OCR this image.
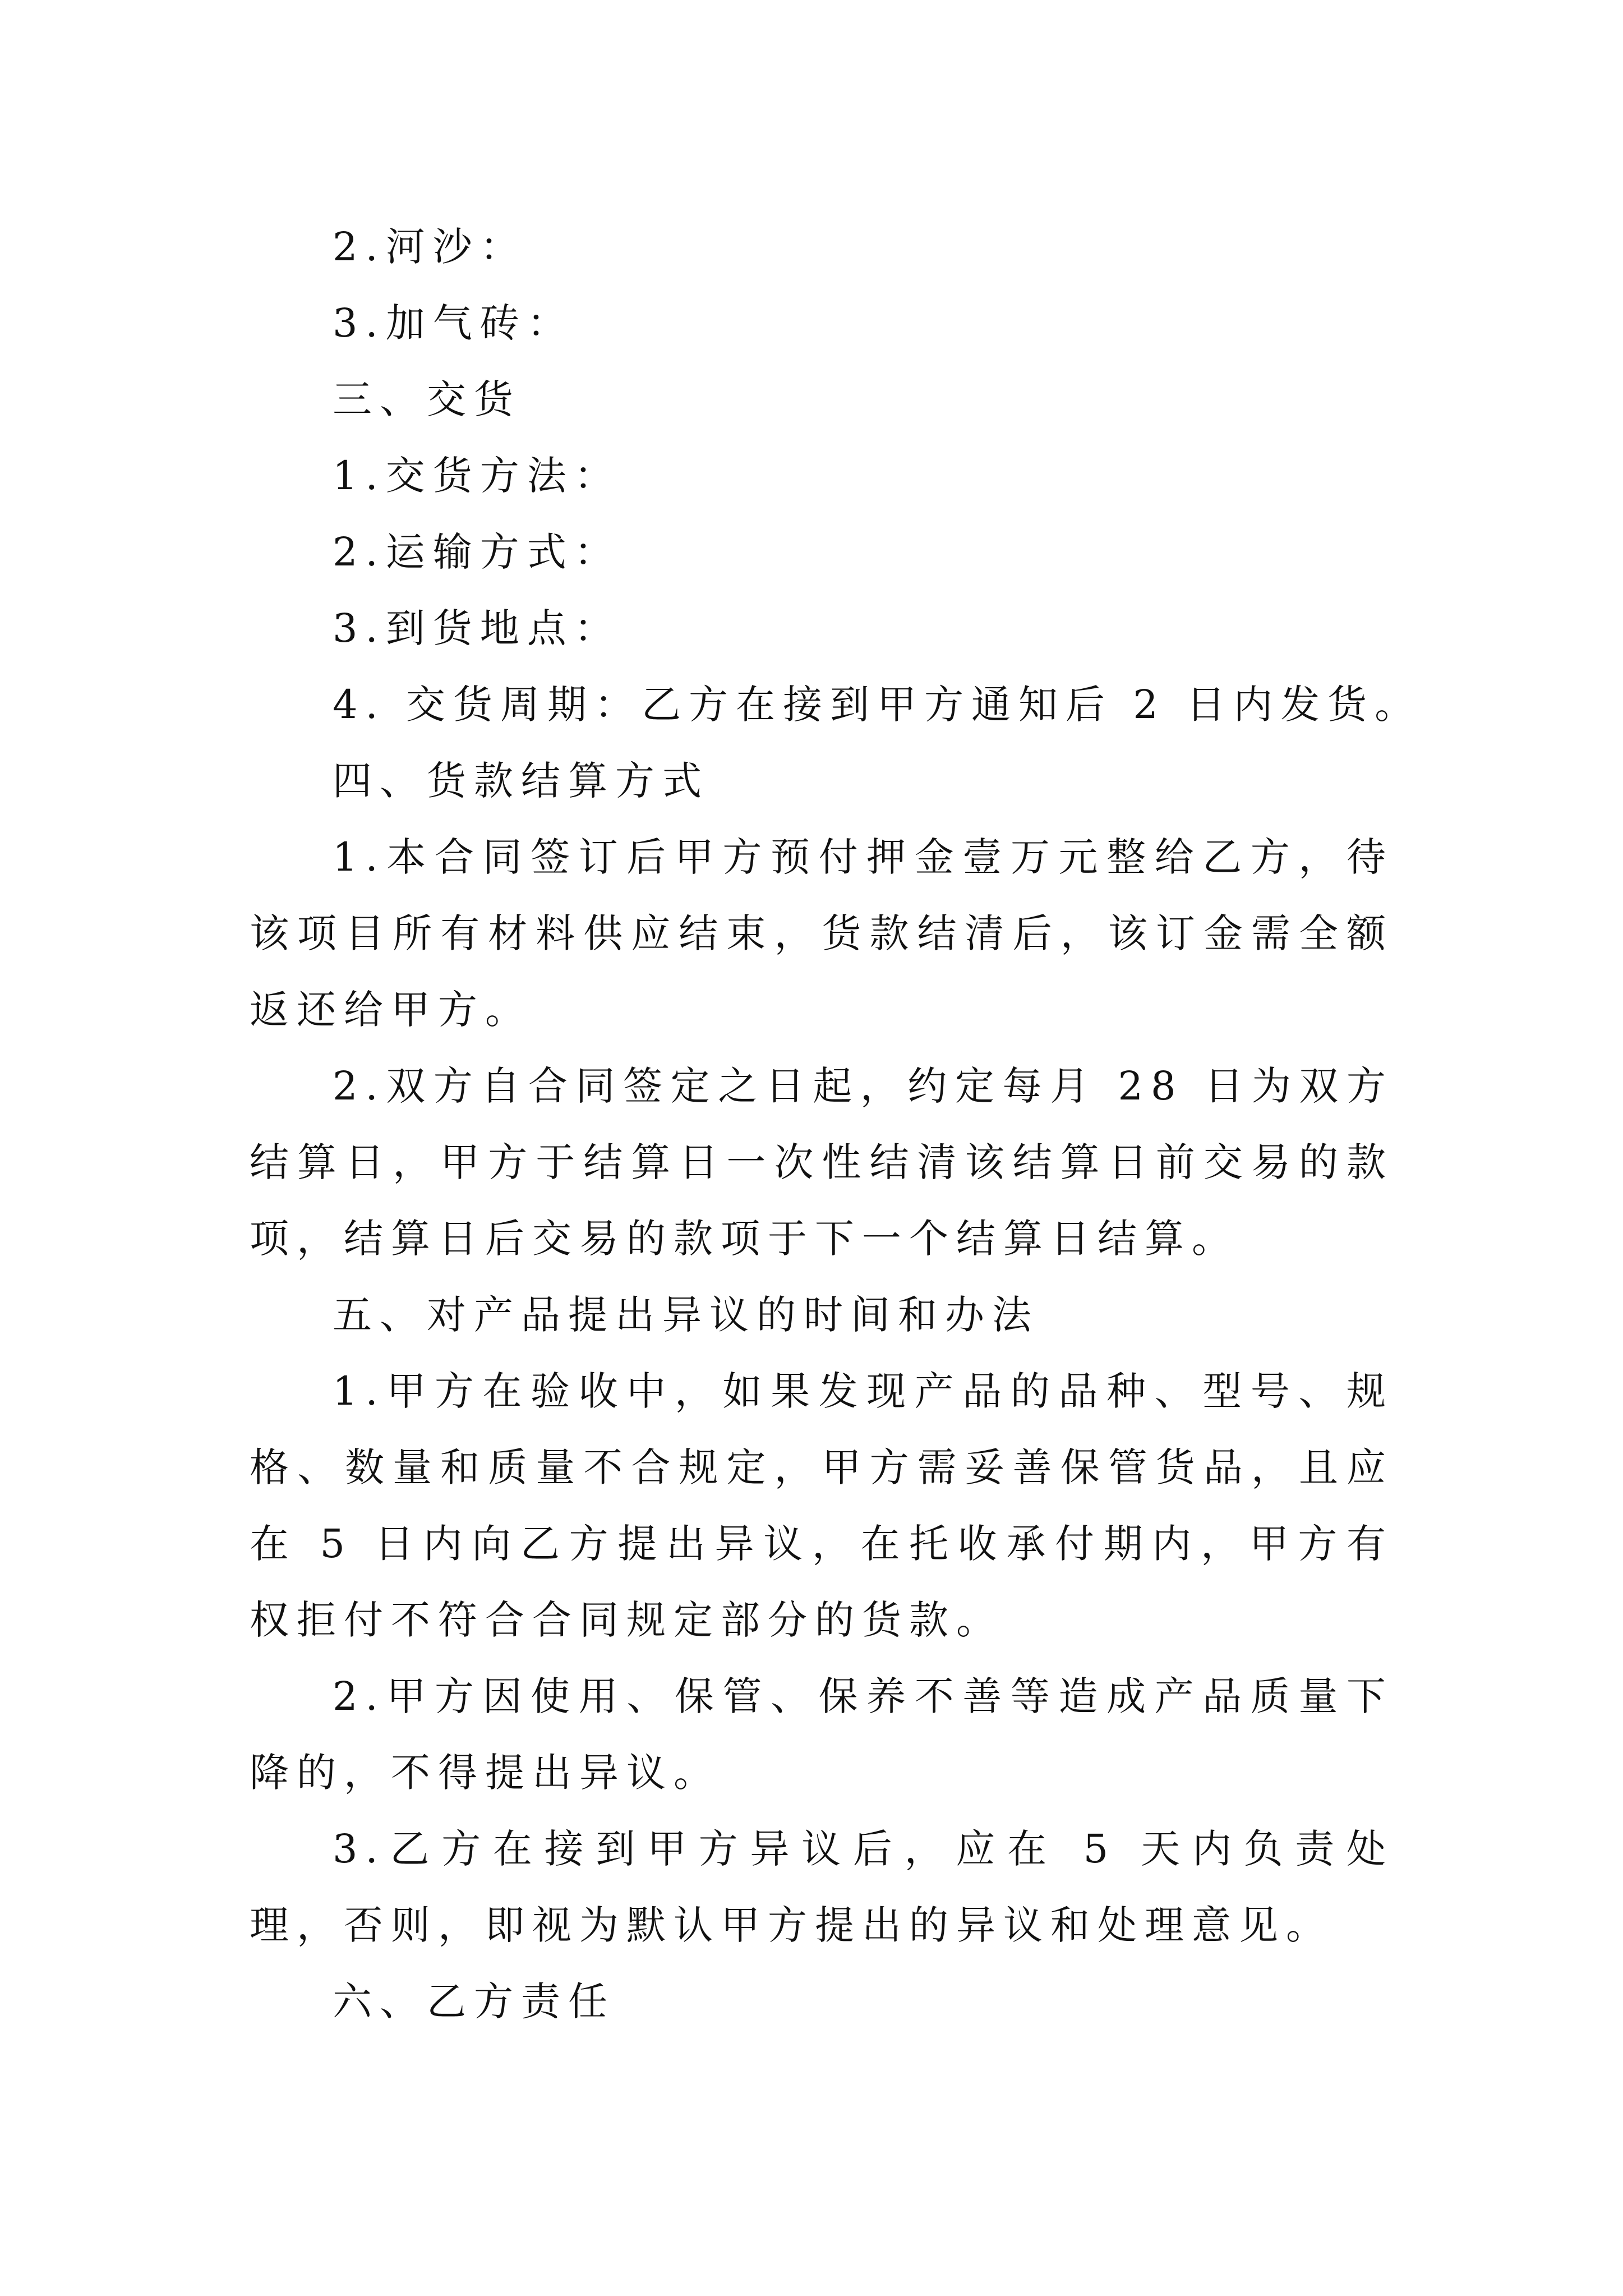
2.河沙：
3.加气砖：
三、交货
1.交货方法：
2.运输方式：
3.到货地点：
4. 交货周期：乙方在接到甲方通知后 2 日内发货。
四、货款结算方式

1.本合同签订后甲方预付押金壹万元整给乙方，待该项目所有材料供应结束，货款结清后，该订金需全额返还给甲方。

2.双方自合同签定之日起，约定每月 28 日为双方结算日，甲方于结算日一次性结清该结算日前交易的款项，结算日后交易的款项于下一个结算日结算。

五、对产品提出异议的时间和办法

1.甲方在验收中，如果发现产品的品种、型号、规格、数量和质量不合规定，甲方需妥善保管货品，且应在 5 日内向乙方提出异议，在托收承付期内，甲方有权拒付不符合合同规定部分的货款。

2.甲方因使用、保管、保养不善等造成产品质量下降的，不得提出异议。

3.乙方在接到甲方异议后，应在 5 天内负责处理，否则，即视为默认甲方提出的异议和处理意见。

六、乙方责任
